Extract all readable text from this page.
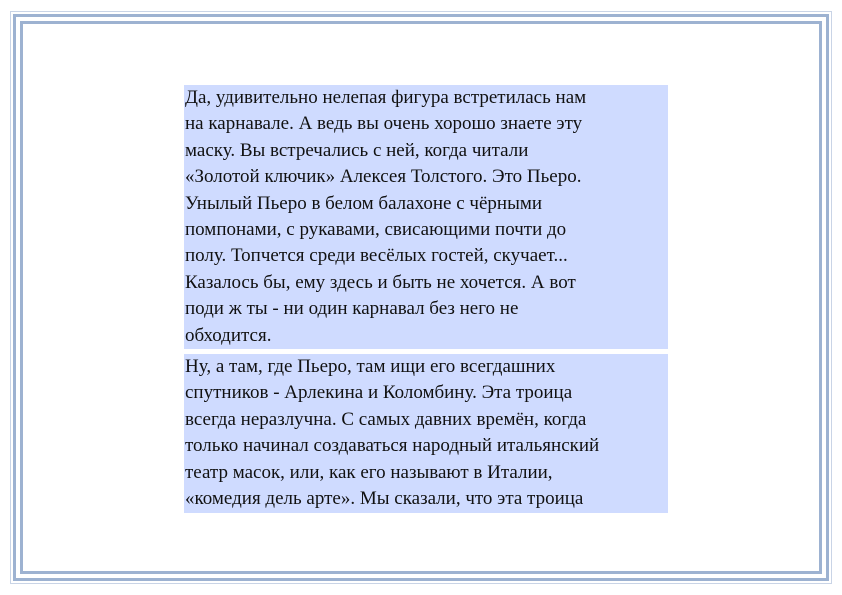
Да, удивительно нелепая фигура встретилась нам
на карнавале. А ведь вы очень хорошо знаете эту
маску. Вы встречались с ней, когда читали
«Золотой ключик» Алексея Толстого. Это Пьеро.
Унылый Пьеро в белом балахоне с чёрными
помпонами, с рукавами, свисающими почти до
полу. Топчется среди весёлых гостей, скучает...
Казалось бы, ему здесь и быть не хочется. А вот
поди ж ты - ни один карнавал без него не
обходится.
Ну, а там, где Пьеро, там ищи его всегдашних
спутников - Арлекина и Коломбину. Эта троица
всегда неразлучна. С самых давних времён, когда
только начинал создаваться народный итальянский
театр масок, или, как его называют в Италии,
«комедия дель арте». Мы сказали, что эта троица
